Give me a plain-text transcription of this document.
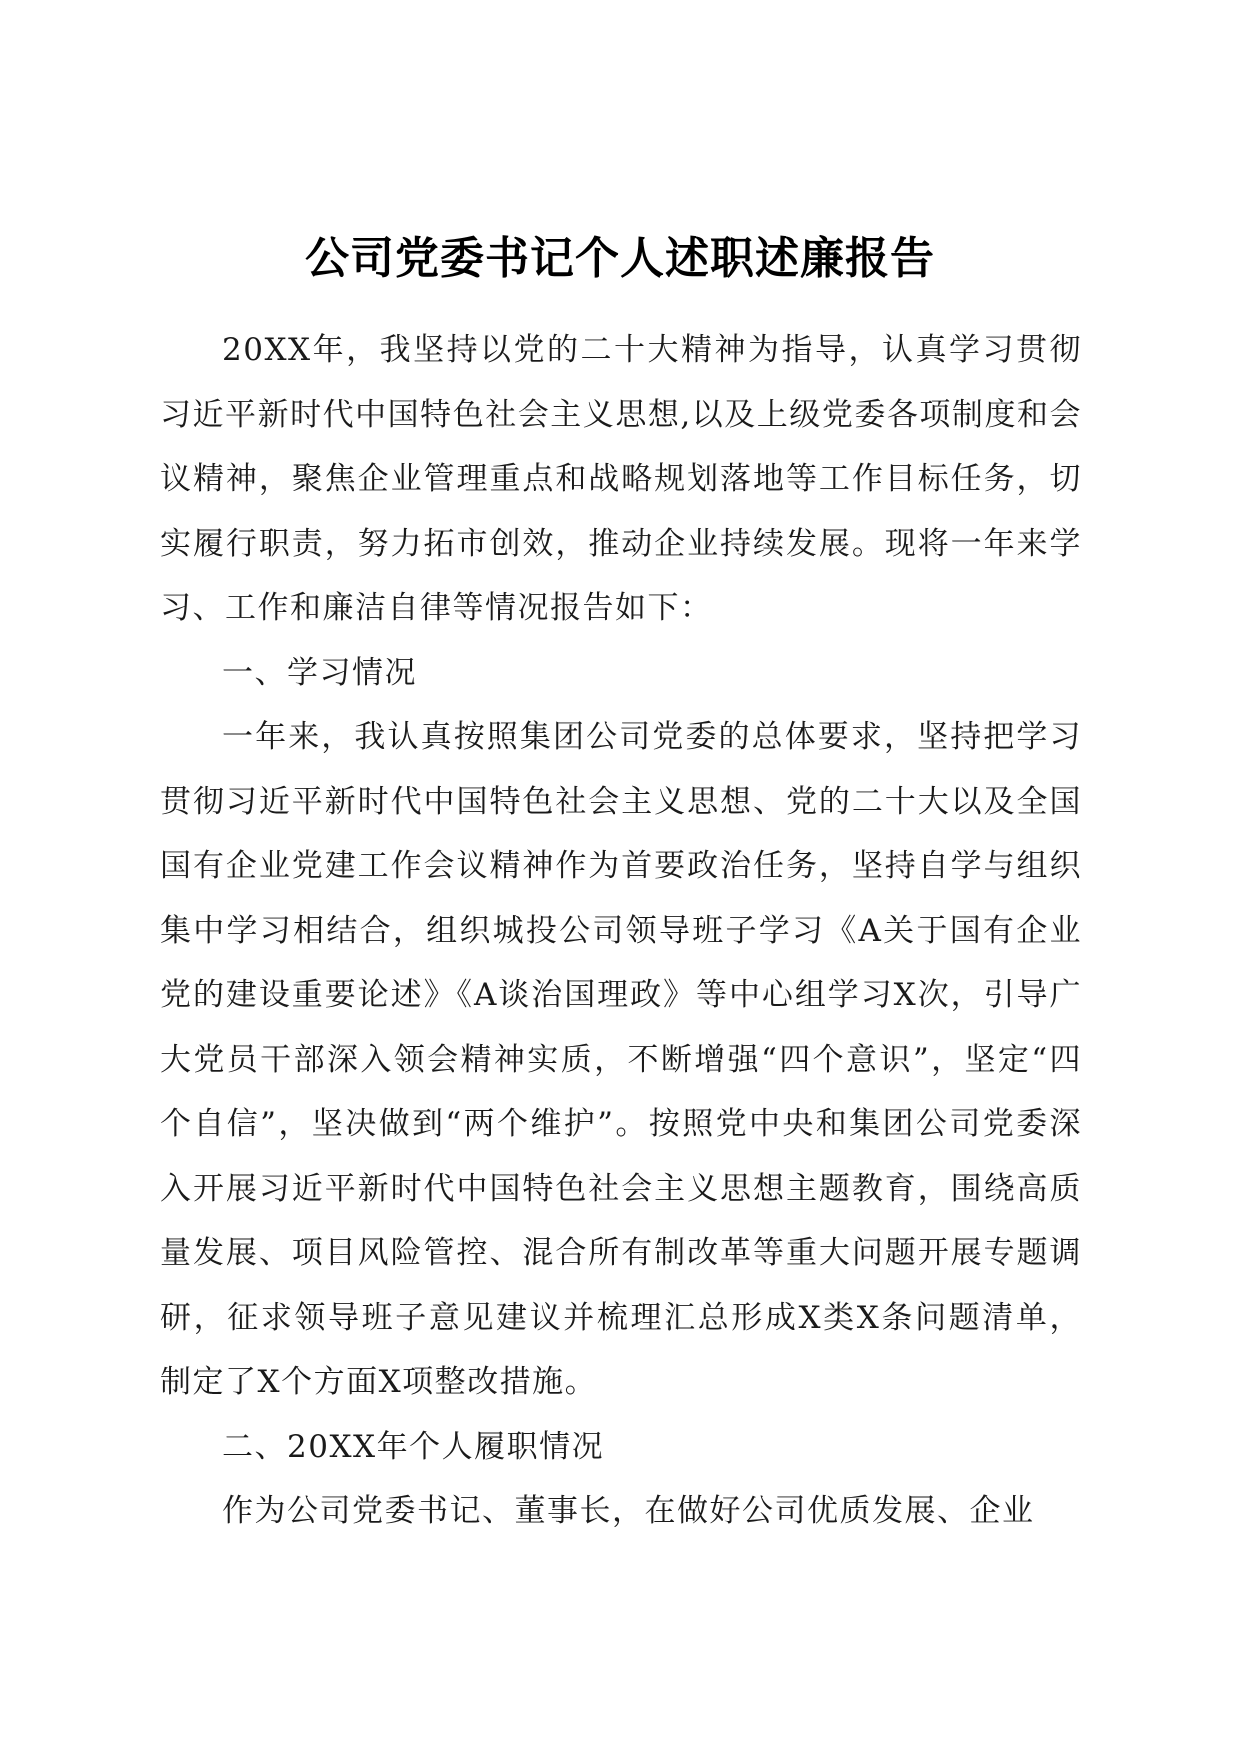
公司党委书记个人述职述廉报告

20XX年，我坚持以党的二十大精神为指导，认真学习贯彻习近平新时代中国特色社会主义思想,以及上级党委各项制度和会议精神，聚焦企业管理重点和战略规划落地等工作目标任务，切实履行职责，努力拓市创效，推动企业持续发展。现将一年来学习、工作和廉洁自律等情况报告如下：

一、学习情况

一年来，我认真按照集团公司党委的总体要求，坚持把学习贯彻习近平新时代中国特色社会主义思想、党的二十大以及全国国有企业党建工作会议精神作为首要政治任务，坚持自学与组织集中学习相结合，组织城投公司领导班子学习《A关于国有企业党的建设重要论述》《A谈治国理政》等中心组学习X次，引导广大党员干部深入领会精神实质，不断增强“四个意识”，坚定“四个自信”，坚决做到“两个维护”。按照党中央和集团公司党委深入开展习近平新时代中国特色社会主义思想主题教育，围绕高质量发展、项目风险管控、混合所有制改革等重大问题开展专题调研，征求领导班子意见建议并梳理汇总形成X类X条问题清单，制定了X个方面X项整改措施。

二、20XX年个人履职情况

作为公司党委书记、董事长，在做好公司优质发展、企业
